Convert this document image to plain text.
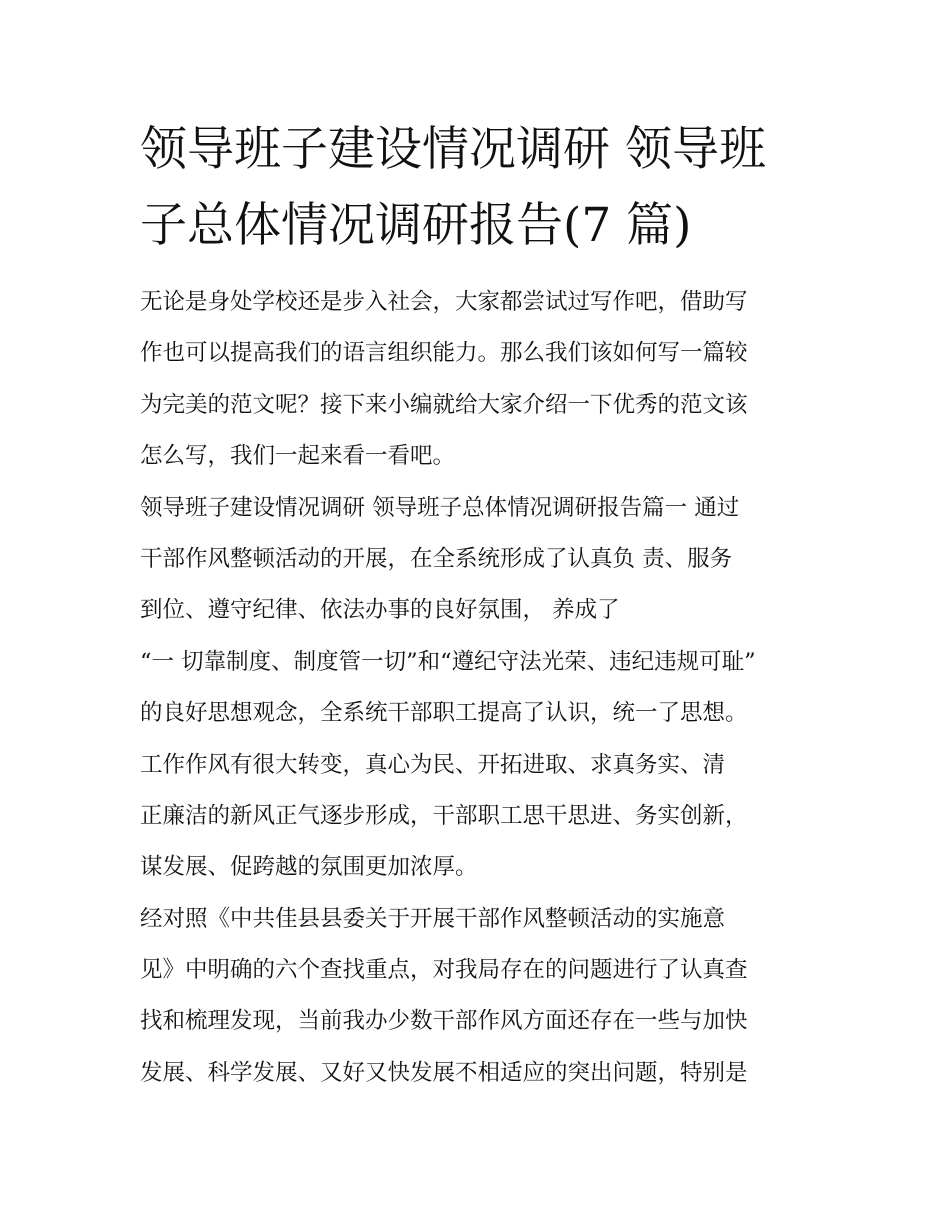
领导班子建设情况调研 领导班
子总体情况调研报告(7 篇)
无论是身处学校还是步入社会，大家都尝试过写作吧，借助写
作也可以提高我们的语言组织能力。那么我们该如何写一篇较
为完美的范文呢？接下来小编就给大家介绍一下优秀的范文该
怎么写，我们一起来看一看吧。
领导班子建设情况调研 领导班子总体情况调研报告篇一 通过
干部作风整顿活动的开展，在全系统形成了认真负 责、服务
到位、遵守纪律、依法办事的良好氛围， 养成了
“一 切靠制度、制度管一切”和“遵纪守法光荣、违纪违规可耻”
的良好思想观念，全系统干部职工提高了认识，统一了思想。
工作作风有很大转变，真心为民、开拓进取、求真务实、清
正廉洁的新风正气逐步形成，干部职工思干思进、务实创新，
谋发展、促跨越的氛围更加浓厚。
经对照《中共佳县县委关于开展干部作风整顿活动的实施意
见》中明确的六个查找重点，对我局存在的问题进行了认真查
找和梳理发现，当前我办少数干部作风方面还存在一些与加快
发展、科学发展、又好又快发展不相适应的突出问题，特别是
